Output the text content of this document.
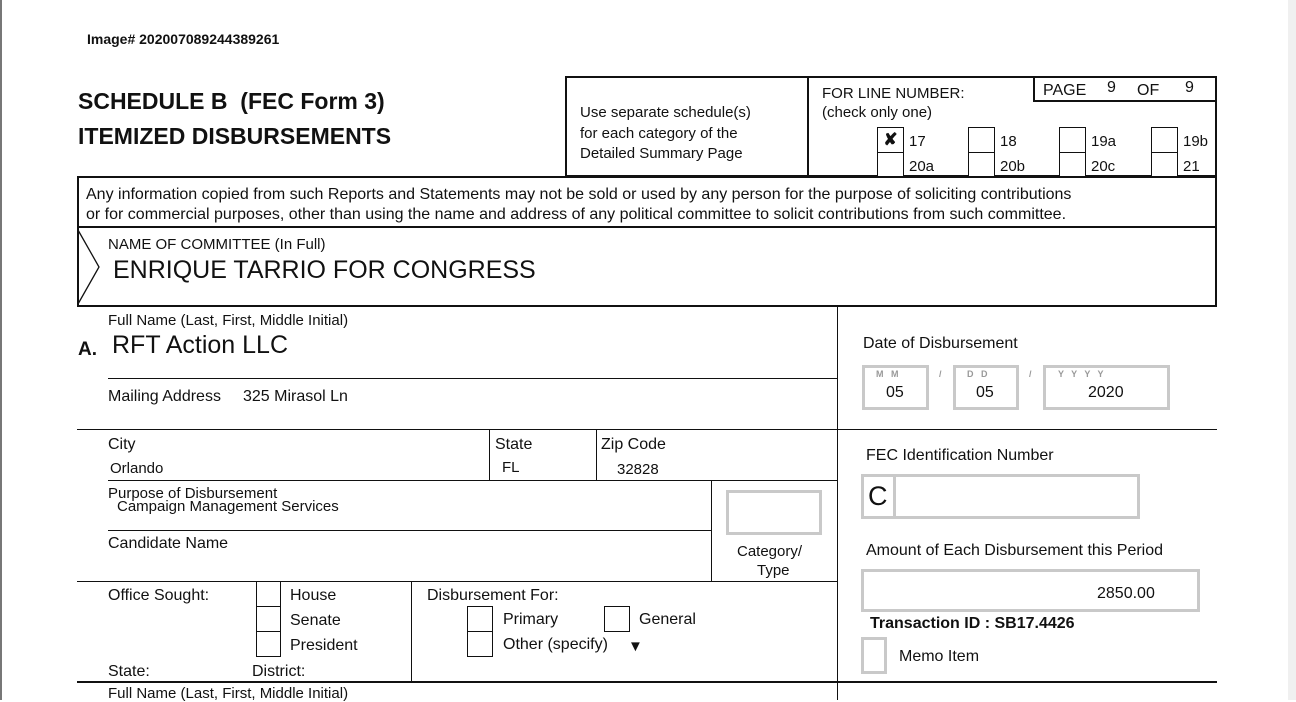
Image# 202007089244389261
SCHEDULE B  (FEC Form 3)
ITEMIZED DISBURSEMENTS
Use separate schedule(s)
for each category of the
Detailed Summary Page
FOR LINE NUMBER:
(check only one)
PAGE 9 OF 9
✘ 17	18	19a	19b
20a	20b	20c	21
Any information copied from such Reports and Statements may not be sold or used by any person for the purpose of soliciting contributions
or for commercial purposes, other than using the name and address of any political committee to solicit contributions from such committee.
NAME OF COMMITTEE (In Full)
ENRIQUE TARRIO FOR CONGRESS
Full Name (Last, First, Middle Initial)
A. RFT Action LLC
Mailing Address 325 Mirasol Ln
City
Orlando
State
FL
Zip Code
32828
Purpose of Disbursement
Campaign Management Services
Category/
Type
Candidate Name
Office Sought:	House
Senate
President
State:	District:
Disbursement For:
Primary	General
Other (specify) ▼
Full Name (Last, First, Middle Initial)
Date of Disbursement
M   M
05
/	D   D
05
/	Y   Y   Y   Y
2020
FEC Identification Number
C
Amount of Each Disbursement this Period
2850.00
Transaction ID : SB17.4426
Memo Item
